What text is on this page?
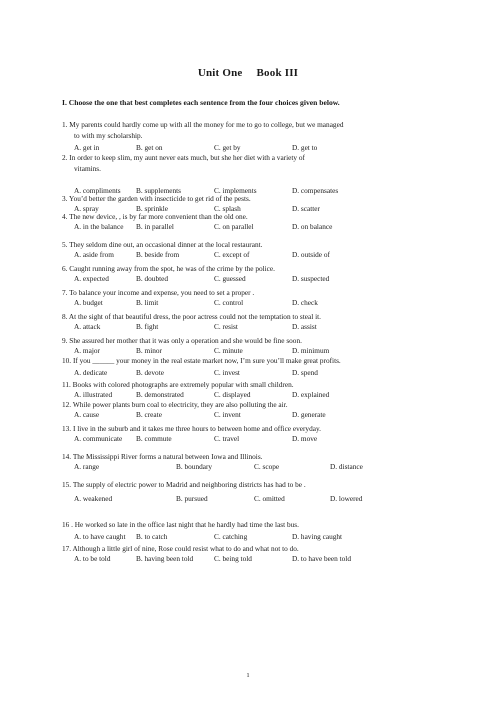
Unit One Book III
I. Choose the one that best completes each sentence from the four choices given below.
1. My parents could hardly come up with all the money for me to go to college, but we managed
to with my scholarship.
A. get in	B. get on	C. get by	D. get to
2. In order to keep slim, my aunt never eats much, but she her diet with a variety of
vitamins.
A. compliments B. supplements	C. implements	D. compensates
3. You’d better the garden with insecticide to get rid of the pests.
A. spray	B. sprinkle	C. splash	D. scatter
4. The new device, , is by far more convenient than the old one.
A. in the balance B. in parallel	C. on parallel	D. on balance
5. They seldom dine out, an occasional dinner at the local restaurant.
A. aside from	B. beside from	C. except of	D. outside of
6. Caught running away from the spot, he was of the crime by the police.
A. expected	B. doubted	C. guessed	D. suspected
7. To balance your income and expense, you need to set a proper .
A. budget	B. limit	C. control	D. check
8. At the sight of that beautiful dress, the poor actress could not the temptation to steal it.
A. attack	B. fight	C. resist	D. assist
9. She assured her mother that it was only a operation and she would be fine soon.
A. major	B. minor	C. minute	D. minimum
10. If you ______ your money in the real estate market now, I’m sure you’ll make great profits.
A. dedicate	B. devote	C. invest	D. spend
11. Books with colored photographs are extremely popular with small children.
A. illustrated	B. demonstrated	C. displayed	D. explained
12. While power plants burn coal to electricity, they are also polluting the air.
A. cause	B. create	C. invent	D. generate
13. I live in the suburb and it takes me three hours to between home and office everyday.
A. communicate B. commute	C. travel	D. move
14. The Mississippi River forms a natural between Iowa and Illinois.
A. range	B. boundary	C. scope	D. distance
15. The supply of electric power to Madrid and neighboring districts has had to be .
A. weakened	B. pursued	C. omitted	D. lowered
16 . He worked so late in the office last night that he hardly had time the last bus.
A. to have caught B. to catch	C. catching	D. having caught
17. Although a little girl of nine, Rose could resist what to do and what not to do.
A. to be told	B. having been told	C. being told	D. to have been told
1
